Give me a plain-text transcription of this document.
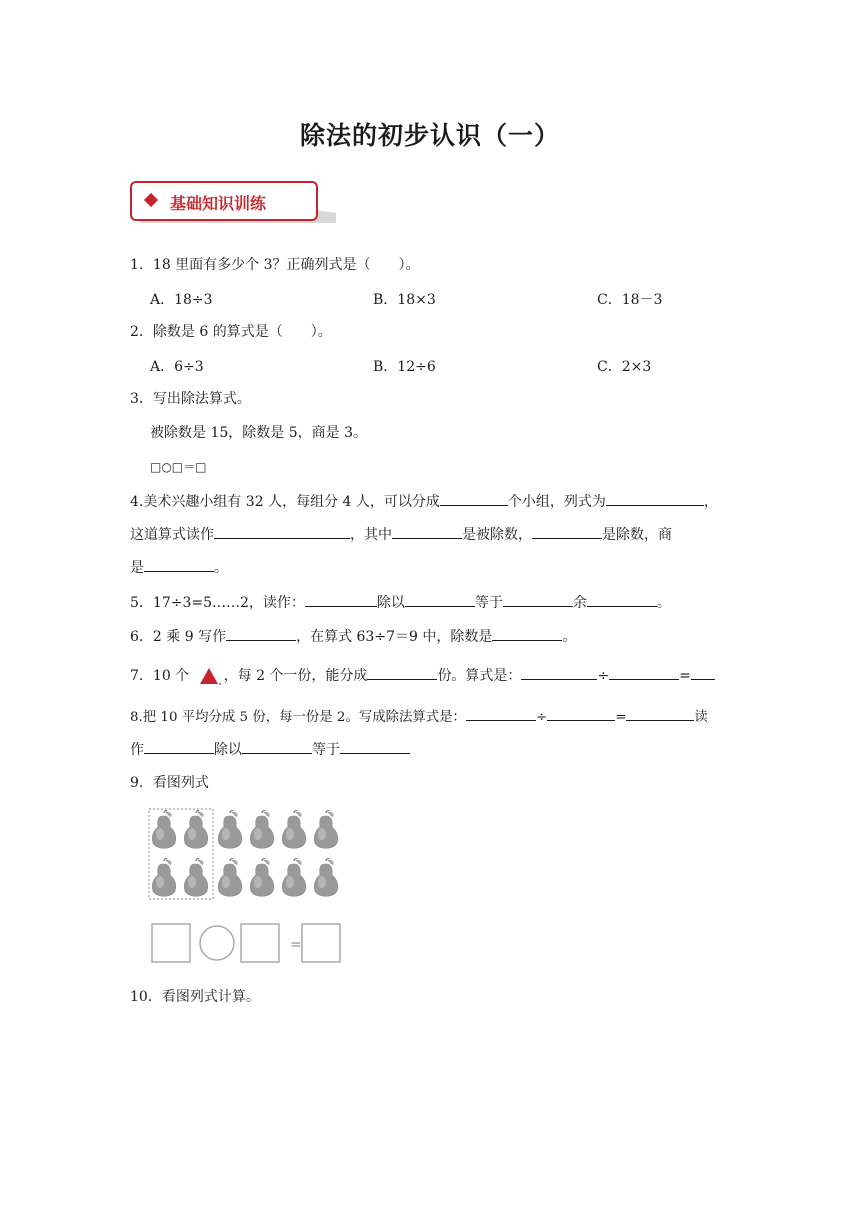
除法的初步认识（一）
基础知识训练
1．18 里面有多少个 3？正确列式是（　　）。
A．18÷3	B．18×3	C．18－3
2．除数是 6 的算式是（　　）。
A．6÷3	B．12÷6	C．2×3
3．写出除法算式。
被除数是 15，除数是 5，商是 3。
□○□＝□
4.美术兴趣小组有 32 人，每组分 4 人，可以分成	个小组，列式为	，
这道算式读作	，其中	是被除数，	是除数，商
是	。
5．17÷3=5……2，读作：	除以	等于	余	。
6．2 乘 9 写作	，在算式 63÷7＝9 中，除数是	。
7．10 个 ，每 2 个一份，能分成	份。算式是：	÷	=
8.把 10 平均分成 5 份，每一份是 2。写成除法算式是：	÷	=	读
作	除以	等于
9．看图列式
=
10．看图列式计算。
